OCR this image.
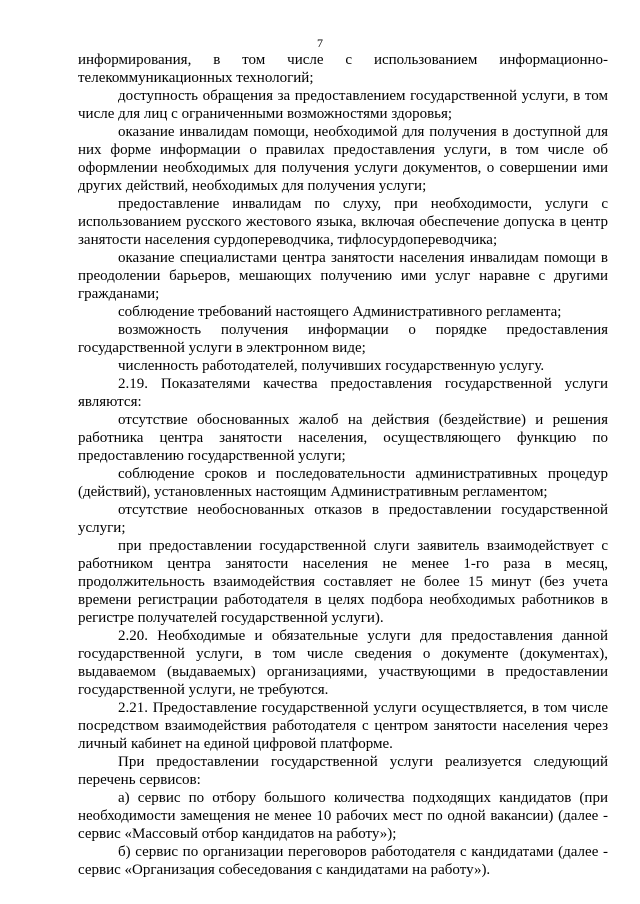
7

информирования, в том числе с использованием информационно-телекоммуникационных технологий;

доступность обращения за предоставлением государственной услуги, в том числе для лиц с ограниченными возможностями здоровья;

оказание инвалидам помощи, необходимой для получения в доступной для них форме информации о правилах предоставления услуги, в том числе об оформлении необходимых для получения услуги документов, о совершении ими других действий, необходимых для получения услуги;

предоставление инвалидам по слуху, при необходимости, услуги с использованием русского жестового языка, включая обеспечение допуска в центр занятости населения сурдопереводчика, тифлосурдопереводчика;

оказание специалистами центра занятости населения инвалидам помощи в преодолении барьеров, мешающих получению ими услуг наравне с другими гражданами;

соблюдение требований настоящего Административного регламента;

возможность получения информации о порядке предоставления государственной услуги в электронном виде;

численность работодателей, получивших государственную услугу.

2.19. Показателями качества предоставления государственной услуги являются:

отсутствие обоснованных жалоб на действия (бездействие) и решения работника центра занятости населения, осуществляющего функцию по предоставлению государственной услуги;

соблюдение сроков и последовательности административных процедур (действий), установленных настоящим Административным регламентом;

отсутствие необоснованных отказов в предоставлении государственной услуги;

при предоставлении государственной слуги заявитель взаимодействует с работником центра занятости населения не менее 1-го раза в месяц, продолжительность взаимодействия составляет не более 15 минут (без учета времени регистрации работодателя в целях подбора необходимых работников в регистре получателей государственной услуги).

2.20. Необходимые и обязательные услуги для предоставления данной государственной услуги, в том числе сведения о документе (документах), выдаваемом (выдаваемых) организациями, участвующими в предоставлении государственной услуги, не требуются.

2.21. Предоставление государственной услуги осуществляется, в том числе посредством взаимодействия работодателя с центром занятости населения через личный кабинет на единой цифровой платформе.

При предоставлении государственной услуги реализуется следующий перечень сервисов:

а) сервис по отбору большого количества подходящих кандидатов (при необходимости замещения не менее 10 рабочих мест по одной вакансии) (далее - сервис «Массовый отбор кандидатов на работу»);

б) сервис по организации переговоров работодателя с кандидатами (далее - сервис «Организация собеседования с кандидатами на работу»).
